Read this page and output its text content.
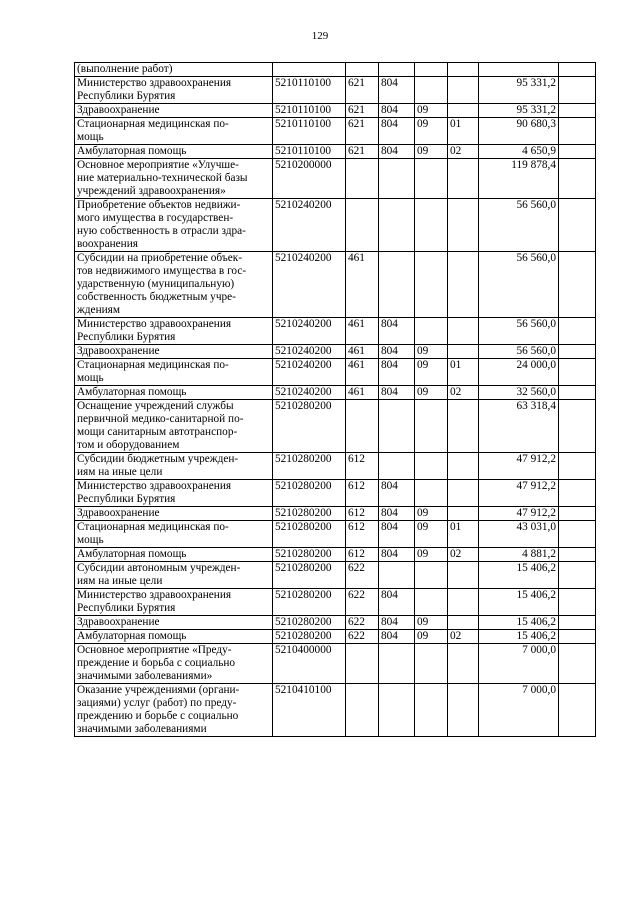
129
(выполнение работ)							
Министерство здравоохранения
Республики Бурятия	5210110100	621	804			95 331,2	
Здравоохранение	5210110100	621	804	09		95 331,2	
Стационарная медицинская по-
мощь	5210110100	621	804	09	01	90 680,3	
Амбулаторная помощь	5210110100	621	804	09	02	4 650,9	
Основное мероприятие «Улучше-
ние материально-технической базы
учреждений здравоохранения»	5210200000					119 878,4	
Приобретение объектов недвижи-
мого имущества в государствен-
ную собственность в отрасли здра-
воохранения	5210240200					56 560,0	
Субсидии на приобретение объек-
тов недвижимого имущества в гос-
ударственную (муниципальную)
собственность бюджетным учре-
ждениям	5210240200	461				56 560,0	
Министерство здравоохранения
Республики Бурятия	5210240200	461	804			56 560,0	
Здравоохранение	5210240200	461	804	09		56 560,0	
Стационарная медицинская по-
мощь	5210240200	461	804	09	01	24 000,0	
Амбулаторная помощь	5210240200	461	804	09	02	32 560,0	
Оснащение учреждений службы
первичной медико-санитарной по-
мощи санитарным автотранспор-
том и оборудованием	5210280200					63 318,4	
Субсидии бюджетным учрежден-
иям на иные цели	5210280200	612				47 912,2	
Министерство здравоохранения
Республики Бурятия	5210280200	612	804			47 912,2	
Здравоохранение	5210280200	612	804	09		47 912,2	
Стационарная медицинская по-
мощь	5210280200	612	804	09	01	43 031,0	
Амбулаторная помощь	5210280200	612	804	09	02	4 881,2	
Субсидии автономным учрежден-
иям на иные цели	5210280200	622				15 406,2	
Министерство здравоохранения
Республики Бурятия	5210280200	622	804			15 406,2	
Здравоохранение	5210280200	622	804	09		15 406,2	
Амбулаторная помощь	5210280200	622	804	09	02	15 406,2	
Основное мероприятие «Преду-
преждение и борьба с социально
значимыми заболеваниями»	5210400000					7 000,0	
Оказание учреждениями (органи-
зациями) услуг (работ) по преду-
преждению и борьбе с социально
значимыми заболеваниями	5210410100					7 000,0	
